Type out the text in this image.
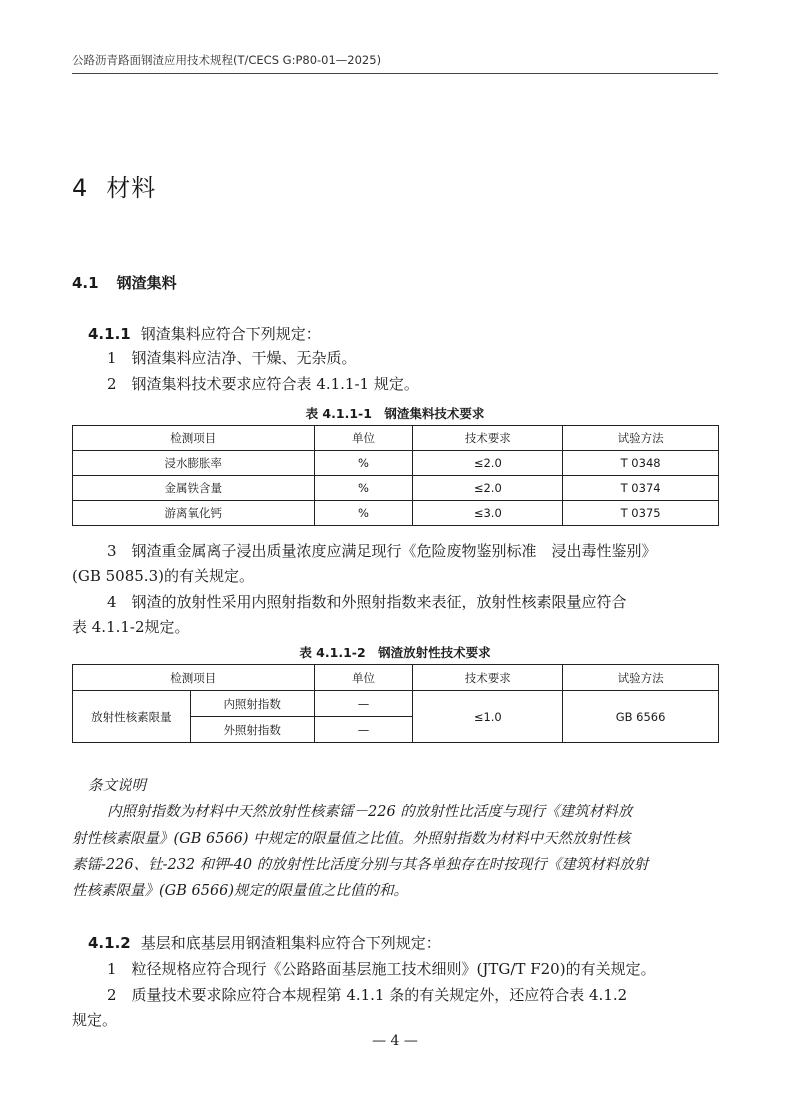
公路沥青路面钢渣应用技术规程(T/CECS G:P80-01—2025)
4 材料
4.1 钢渣集料
4.1.1 钢渣集料应符合下列规定：
1　钢渣集料应洁净、干燥、无杂质。
2　钢渣集料技术要求应符合表 4.1.1-1 规定。
表 4.1.1-1　钢渣集料技术要求
检测项目	单位	技术要求	试验方法
浸水膨胀率	%	≤2.0	T 0348
金属铁含量	%	≤2.0	T 0374
游离氧化钙	%	≤3.0	T 0375
3　钢渣重金属离子浸出质量浓度应满足现行《危险废物鉴别标准　浸出毒性鉴别》
(GB 5085.3)的有关规定。
4　钢渣的放射性采用内照射指数和外照射指数来表征，放射性核素限量应符合
表 4.1.1-2规定。
表 4.1.1-2　钢渣放射性技术要求
检测项目		单位	技术要求	试验方法
放射性核素限量	内照射指数	—	≤1.0	GB 6566
	外照射指数	—		
条文说明
内照射指数为材料中天然放射性核素镭－226 的放射性比活度与现行《建筑材料放
射性核素限量》(GB 6566) 中规定的限量值之比值。外照射指数为材料中天然放射性核
素镭-226、钍-232 和钾-40 的放射性比活度分别与其各单独存在时按现行《建筑材料放射
性核素限量》(GB 6566)规定的限量值之比值的和。
4.1.2 基层和底基层用钢渣粗集料应符合下列规定：
1　粒径规格应符合现行《公路路面基层施工技术细则》(JTG/T F20)的有关规定。
2　质量技术要求除应符合本规程第 4.1.1 条的有关规定外，还应符合表 4.1.2
规定。
— 4 —
